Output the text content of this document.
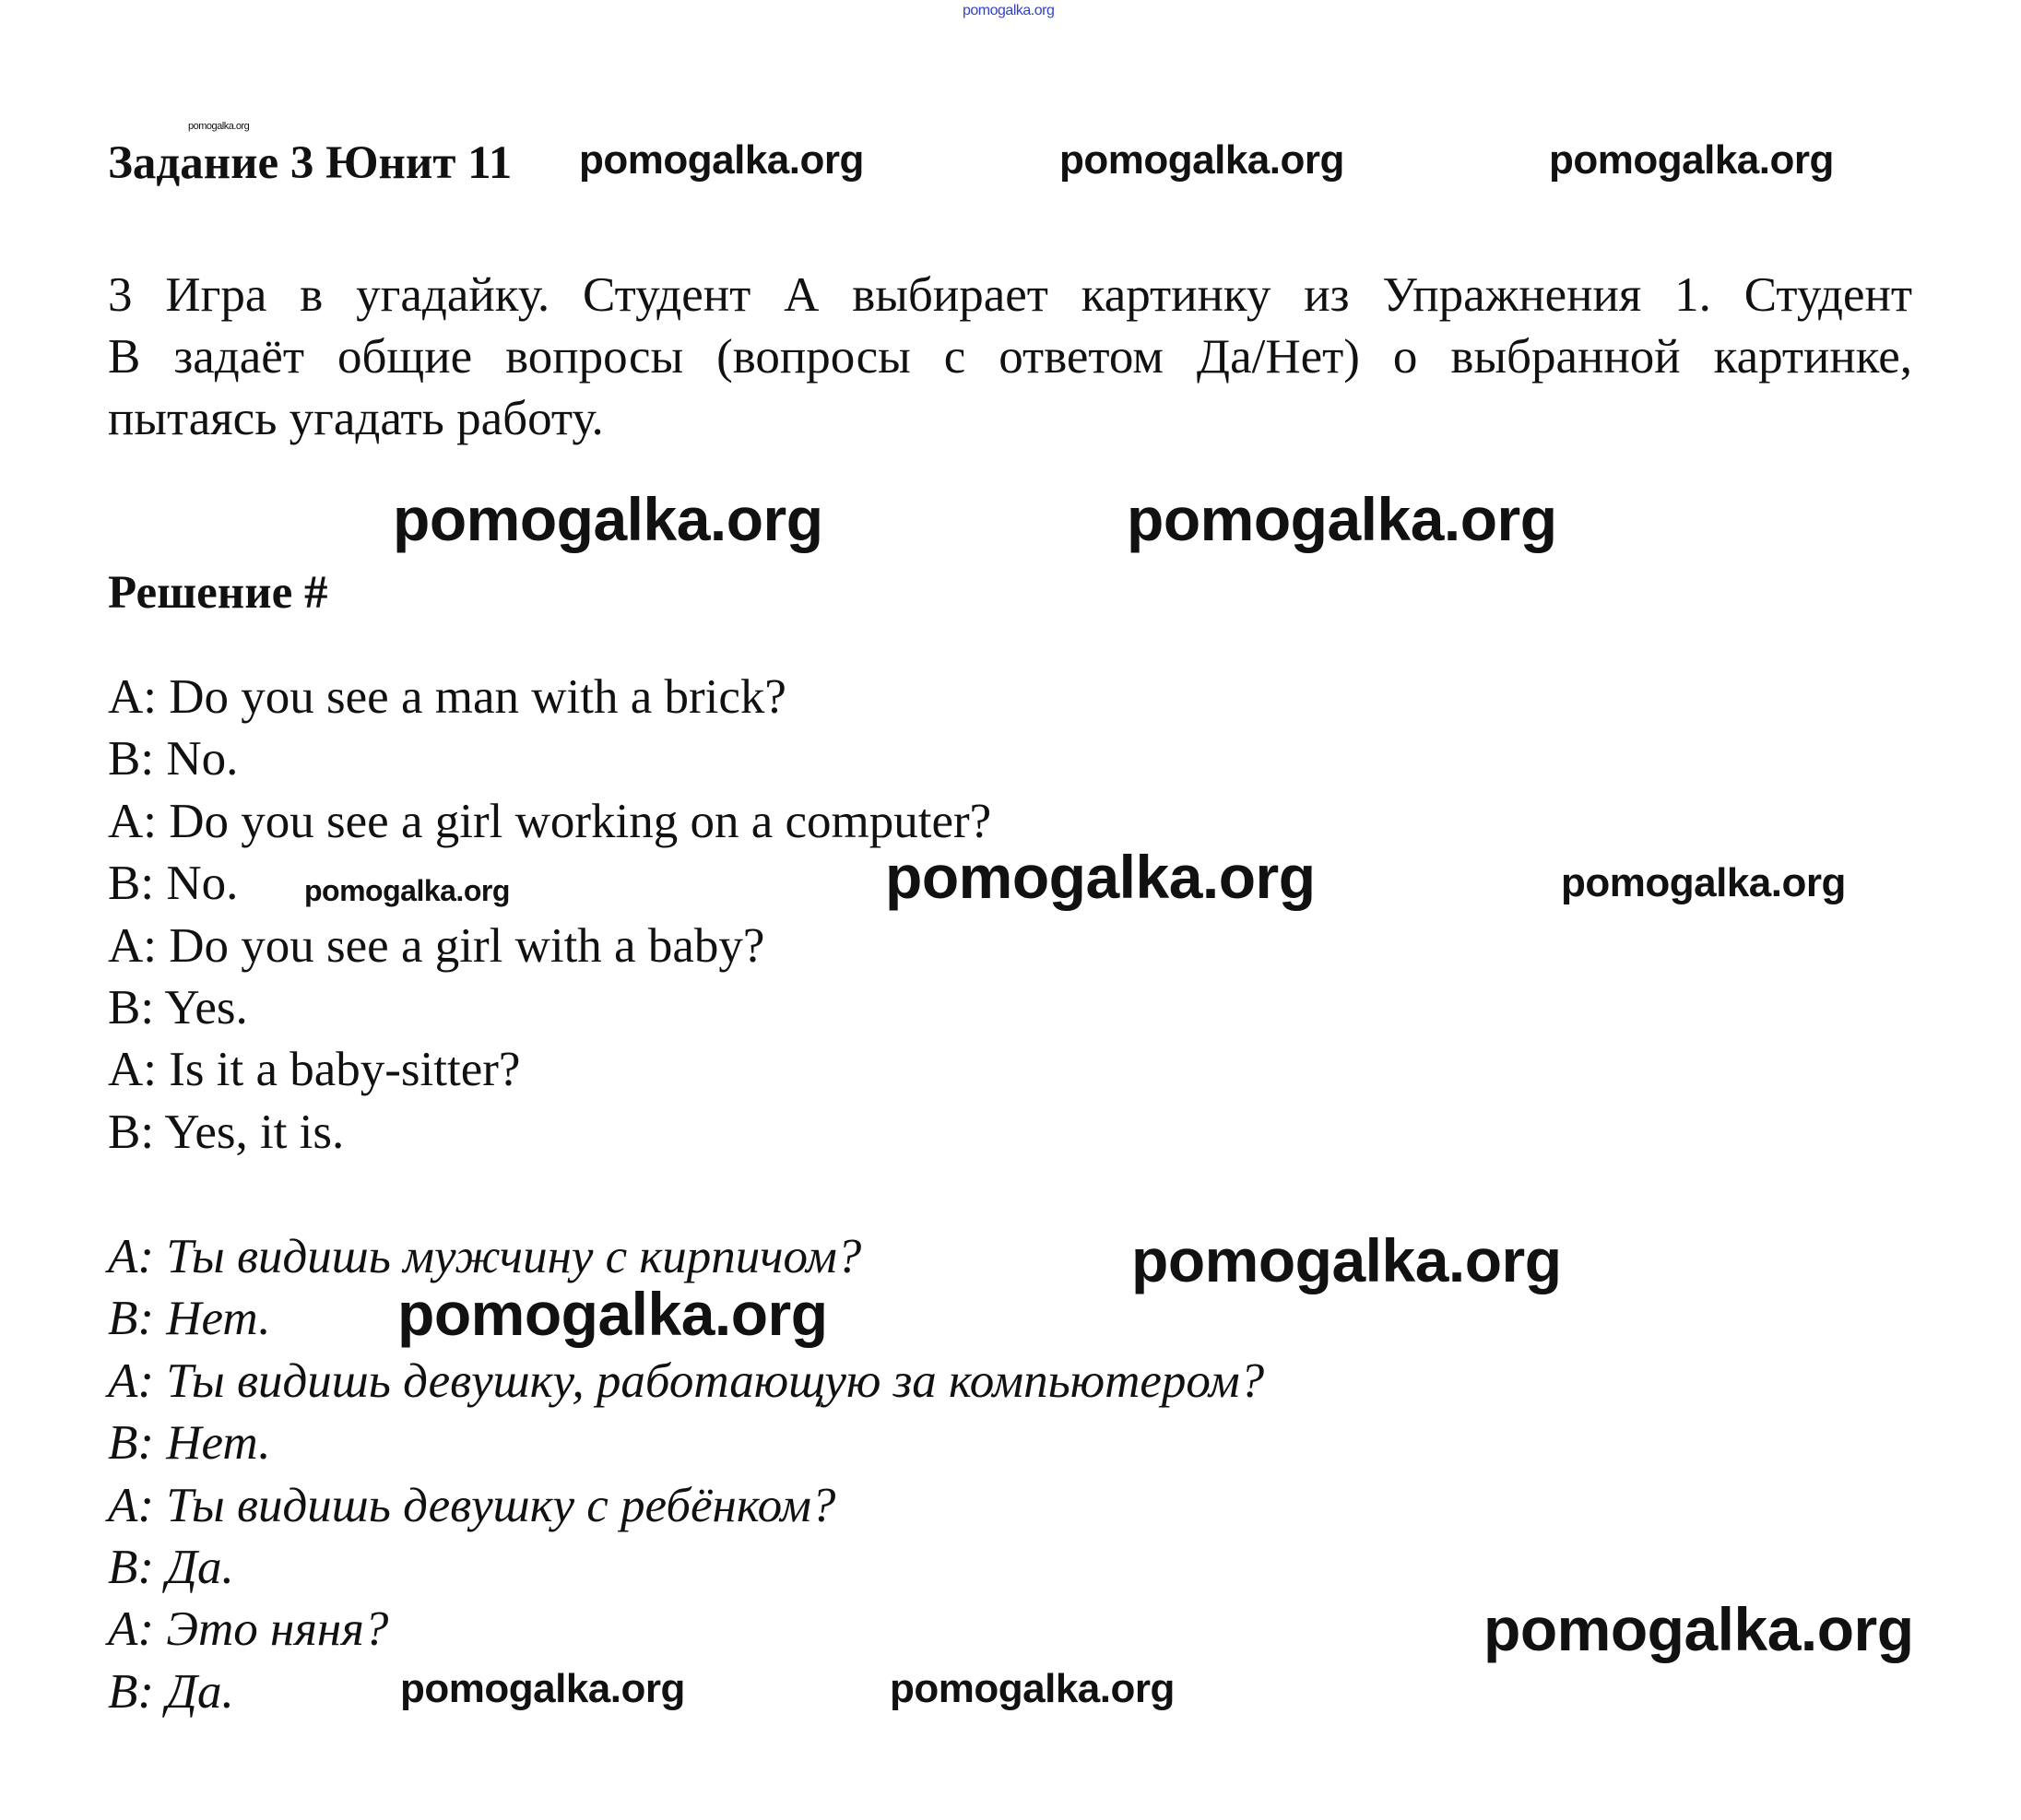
pomogalka.org
Задание 3 Юнит 11
pomogalka.org
pomogalka.org	pomogalka.org	pomogalka.org
3 Игра в угадайку. Студент А выбирает картинку из Упражнения 1. Студент
В задаёт общие вопросы (вопросы с ответом Да/Нет) о выбранной картинке,
пытаясь угадать работу.
pomogalka.org	pomogalka.org
Решение #
A: Do you see a man with a brick?
B: No.
A: Do you see a girl working on a computer?
B: No.
A: Do you see a girl with a baby?
B: Yes.
A: Is it a baby-sitter?
B: Yes, it is.
pomogalka.org	pomogalka.org	pomogalka.org
A: Ты видишь мужчину с кирпичом?
B: Нет.
A: Ты видишь девушку, работающую за компьютером?
B: Нет.
A: Ты видишь девушку с ребёнком?
B: Да.
A: Это няня?
B: Да.
pomogalka.org
pomogalka.org
pomogalka.org
pomogalka.org	pomogalka.org
